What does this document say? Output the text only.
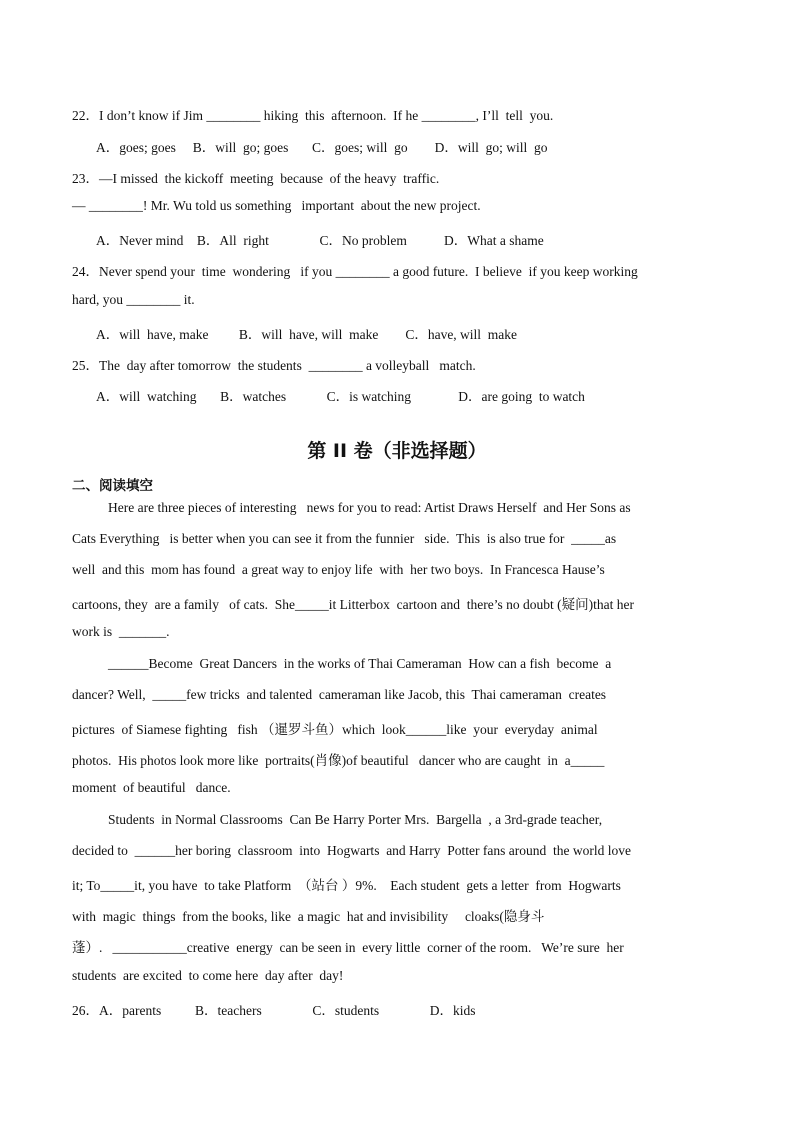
22．I don’t know if Jim ________ hiking  this  afternoon.  If he ________, I’ll  tell  you.
A．goes; goes     B．will  go; goes       C．goes; will  go        D．will  go; will  go
23．—I missed  the kickoff  meeting  because  of the heavy  traffic.
— ________! Mr. Wu told us something   important  about the new project.
A．Never mind    B．All  right               C．No problem           D．What a shame
24．Never spend your  time  wondering   if you ________ a good future.  I believe  if you keep working
hard, you ________ it.
A．will  have, make         B．will  have, will  make        C．have, will  make
25．The  day after tomorrow  the students  ________ a volleyball   match.
A．will  watching       B．watches            C．is watching              D．are going  to watch
第 II 卷（非选择题）
二、阅读填空
Here are three pieces of interesting   news for you to read: Artist Draws Herself  and Her Sons as
Cats Everything   is better when you can see it from the funnier   side.  This  is also true for  _____as
well  and this  mom has found  a great way to enjoy life  with  her two boys.  In Francesca Hause’s
cartoons, they  are a family   of cats.  She_____it Litterbox  cartoon and  there’s no doubt (疑问)that her
work is  _______.
______Become  Great Dancers  in the works of Thai Cameraman  How can a fish  become  a
dancer? Well,  _____few tricks  and talented  cameraman like Jacob, this  Thai cameraman  creates
pictures  of Siamese fighting   fish （暹罗斗鱼）which  look______like  your  everyday  animal
photos.  His photos look more like  portraits(肖像)of beautiful   dancer who are caught  in  a_____
moment  of beautiful   dance.
Students  in Normal Classrooms  Can Be Harry Porter Mrs.  Bargella  , a 3rd-grade teacher,
decided to  ______her boring  classroom  into  Hogwarts  and Harry  Potter fans around  the world love
it; To_____it, you have  to take Platform  （站台 ）9%.    Each student  gets a letter  from  Hogwarts
with  magic  things  from the books, like  a magic  hat and invisibility     cloaks(隐身斗
蓬）.   ___________creative  energy  can be seen in  every little  corner of the room.   We’re sure  her
students  are excited  to come here  day after  day!
26．A．parents          B．teachers               C．students               D．kids
